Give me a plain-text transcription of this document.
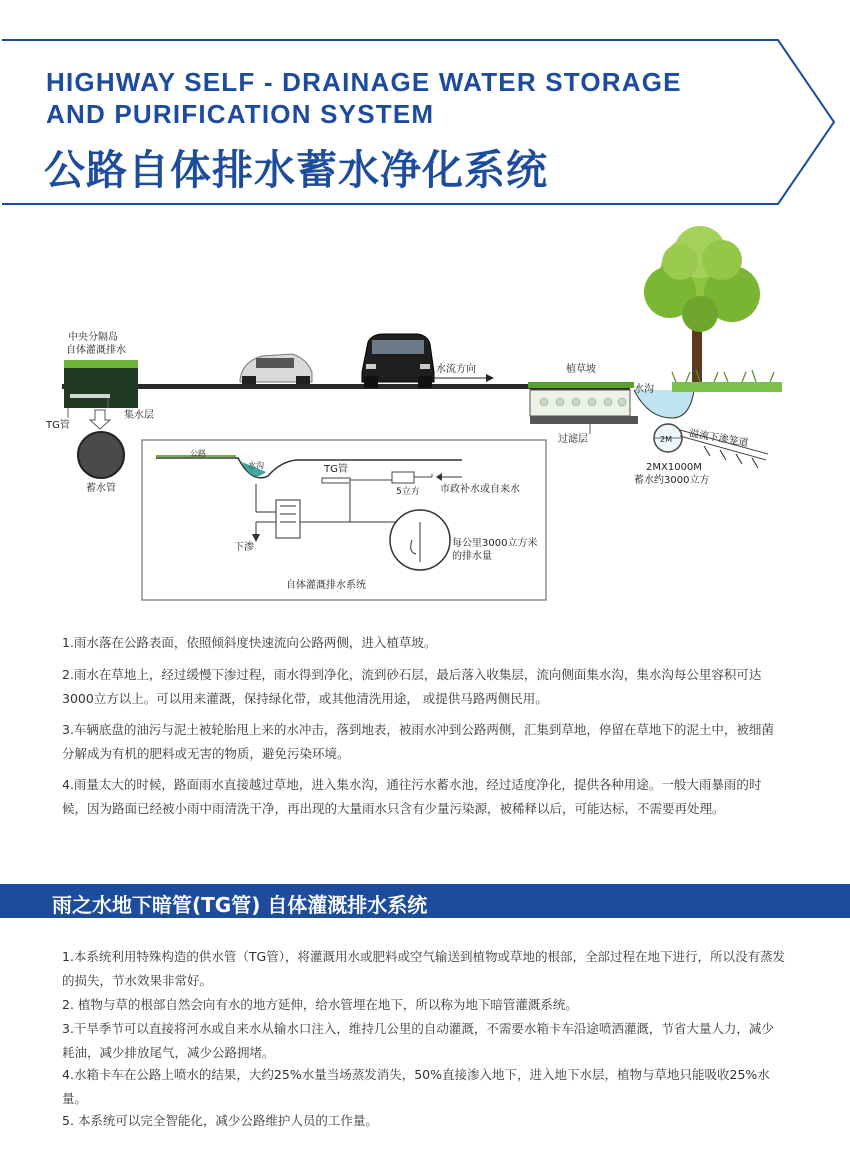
HIGHWAY SELF - DRAINAGE WATER STORAGE
AND PURIFICATION SYSTEM
公路自体排水蓄水净化系统
中央分隔岛
自体灌溉排水
TG管
集水层
蓄水管
水流方向	植草坡
水沟
过滤层	溢流下渗笼道
2M
2MX1000M
蓄水约3000立方
公路
水沟	TG管
5立方 市政补水或自来水
下渗	每公里3000立方米
的排水量
自体灌溉排水系统

1.雨水落在公路表面，依照倾斜度快速流向公路两侧，进入植草坡。

2.雨水在草地上，经过缓慢下渗过程，雨水得到净化，流到砂石层，最后落入收集层，流向侧面集水沟，集水沟每公里容积可达3000立方以上。可以用来灌溉，保持绿化带，或其他清洗用途， 或提供马路两侧民用。

3.车辆底盘的油污与泥土被轮胎甩上来的水冲击，落到地表，被雨水冲到公路两侧，汇集到草地，停留在草地下的泥土中，被细菌分解成为有机的肥料或无害的物质，避免污染环境。

4.雨量太大的时候，路面雨水直接越过草地，进入集水沟，通往污水蓄水池，经过适度净化，提供各种用途。一般大雨暴雨的时候，因为路面已经被小雨中雨清洗干净，再出现的大量雨水只含有少量污染源，被稀释以后，可能达标，不需要再处理。

雨之水地下暗管(TG管) 自体灌溉排水系统

1.本系统利用特殊构造的供水管（TG管），将灌溉用水或肥料或空气输送到植物或草地的根部，全部过程在地下进行，所以没有蒸发的损失，节水效果非常好。

2. 植物与草的根部自然会向有水的地方延伸，给水管埋在地下，所以称为地下暗管灌溉系统。

3.干旱季节可以直接将河水或自来水从输水口注入，维持几公里的自动灌溉，不需要水箱卡车沿途喷洒灌溉，节省大量人力，减少耗油，减少排放尾气，减少公路拥堵。

4.水箱卡车在公路上喷水的结果，大约25%水量当场蒸发消失，50%直接渗入地下，进入地下水层，植物与草地只能吸收25%水量。

5. 本系统可以完全智能化，减少公路维护人员的工作量。
